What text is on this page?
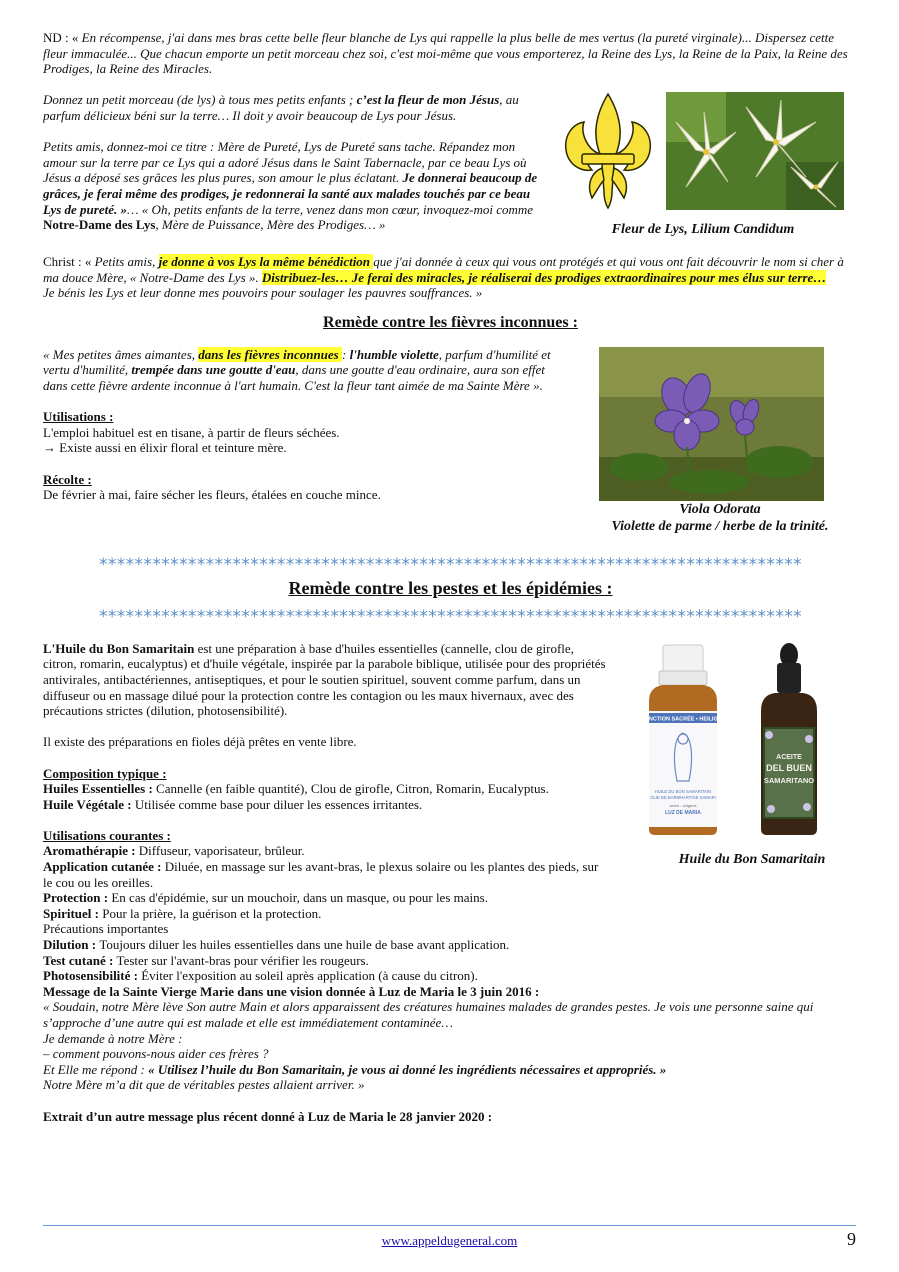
ND : « En récompense, j'ai dans mes bras cette belle fleur blanche de Lys qui rappelle la plus belle de mes vertus (la pureté virginale)... Dispersez cette fleur immaculée... Que chacun emporte un petit morceau chez soi, c'est moi-même que vous emporterez, la Reine des Lys, la Reine de la Paix, la Reine des Prodiges, la Reine des Miracles.

Donnez un petit morceau (de lys) à tous mes petits enfants ; c’est la fleur de mon Jésus, au parfum délicieux béni sur la terre… Il doit y avoir beaucoup de Lys pour Jésus.

Petits amis, donnez-moi ce titre : Mère de Pureté, Lys de Pureté sans tache. Répandez mon amour sur la terre par ce Lys qui a adoré Jésus dans le Saint Tabernacle, par ce beau Lys où Jésus a déposé ses grâces les plus pures, son amour le plus éclatant. Je donnerai beaucoup de grâces, je ferai même des prodiges, je redonnerai la santé aux malades touchés par ce beau Lys de pureté. »… « Oh, petits enfants de la terre, venez dans mon cœur, invoquez-moi comme Notre-Dame des Lys, Mère de Puissance, Mère des Prodiges… »	Fleur de Lys, Lilium Candidum

Christ : « Petits amis, je donne à vos Lys la même bénédiction que j'ai donnée à ceux qui vous ont protégés et qui vous ont fait découvrir le nom si cher à ma douce Mère, « Notre-Dame des Lys ». Distribuez-les… Je ferai des miracles, je réaliserai des prodiges extraordinaires pour mes élus sur terre…

Je bénis les Lys et leur donne mes pouvoirs pour soulager les pauvres souffrances. »

Remède contre les fièvres inconnues :

« Mes petites âmes aimantes, dans les fièvres inconnues : l'humble violette, parfum d'humilité et vertu d'humilité, trempée dans une goutte d'eau, dans une goutte d'eau ordinaire, aura son effet dans cette fièvre ardente inconnue à l'art humain. C'est la fleur tant aimée de ma Sainte Mère ».

Utilisations :

L'emploi habituel est en tisane, à partir de fleurs séchées.

→ Existe aussi en élixir floral et teinture mère.

Récolte :

De février à mai, faire sécher les fleurs, étalées en couche mince.

Viola Odorata
Violette de parme / herbe de la trinité.
*******************************************************************************
Remède contre les pestes et les épidémies :
*******************************************************************************

L'Huile du Bon Samaritain est une préparation à base d'huiles essentielles (cannelle, clou de girofle, citron, romarin, eucalyptus) et d'huile végétale, inspirée par la parabole biblique, utilisée pour des propriétés antivirales, antibactériennes, antiseptiques, et pour le soutien spirituel, souvent comme parfum, dans un diffuseur ou en massage dilué pour la protection contre les contagion ou les maux hivernaux, avec des précautions strictes (dilution, photosensibilité).

Il existe des préparations en fioles déjà prêtes en vente libre.

Composition typique :

Huiles Essentielles : Cannelle (en faible quantité), Clou de girofle, Citron, Romarin, Eucalyptus.

Huile Végétale : Utilisée comme base pour diluer les essences irritantes.

Utilisations courantes :

Aromathérapie : Diffuseur, vaporisateur, brûleur.

Application cutanée : Diluée, en massage sur les avant-bras, le plexus solaire ou les plantes des pieds, sur le cou ou les oreilles.

ONCTION SACRÉE • HEILIGE
HUILE DU BON SAMARITAIN
OLIE DE BARMHARTIGE SAMARI
selon - volgens
LUZ DE MARIA
ACEITE
DEL BUEN
SAMARITANO
Huile du Bon Samaritain

Protection : En cas d'épidémie, sur un mouchoir, dans un masque, ou pour les mains.

Spirituel : Pour la prière, la guérison et la protection.

Précautions importantes

Dilution : Toujours diluer les huiles essentielles dans une huile de base avant application.

Test cutané : Tester sur l'avant-bras pour vérifier les rougeurs.

Photosensibilité : Éviter l'exposition au soleil après application (à cause du citron).

Message de la Sainte Vierge Marie dans une vision donnée à Luz de Maria le 3 juin 2016 :

« Soudain, notre Mère lève Son autre Main et alors apparaissent des créatures humaines malades de grandes pestes. Je vois une personne saine qui s’approche d’une autre qui est malade et elle est immédiatement contaminée…

Je demande à notre Mère :

– comment pouvons-nous aider ces frères ?

Et Elle me répond : « Utilisez l’huile du Bon Samaritain, je vous ai donné les ingrédients nécessaires et appropriés. »

Notre Mère m’a dit que de véritables pestes allaient arriver. »

Extrait d’un autre message plus récent donné à Luz de Maria le 28 janvier 2020 :

www.appeldugeneral.com	9
